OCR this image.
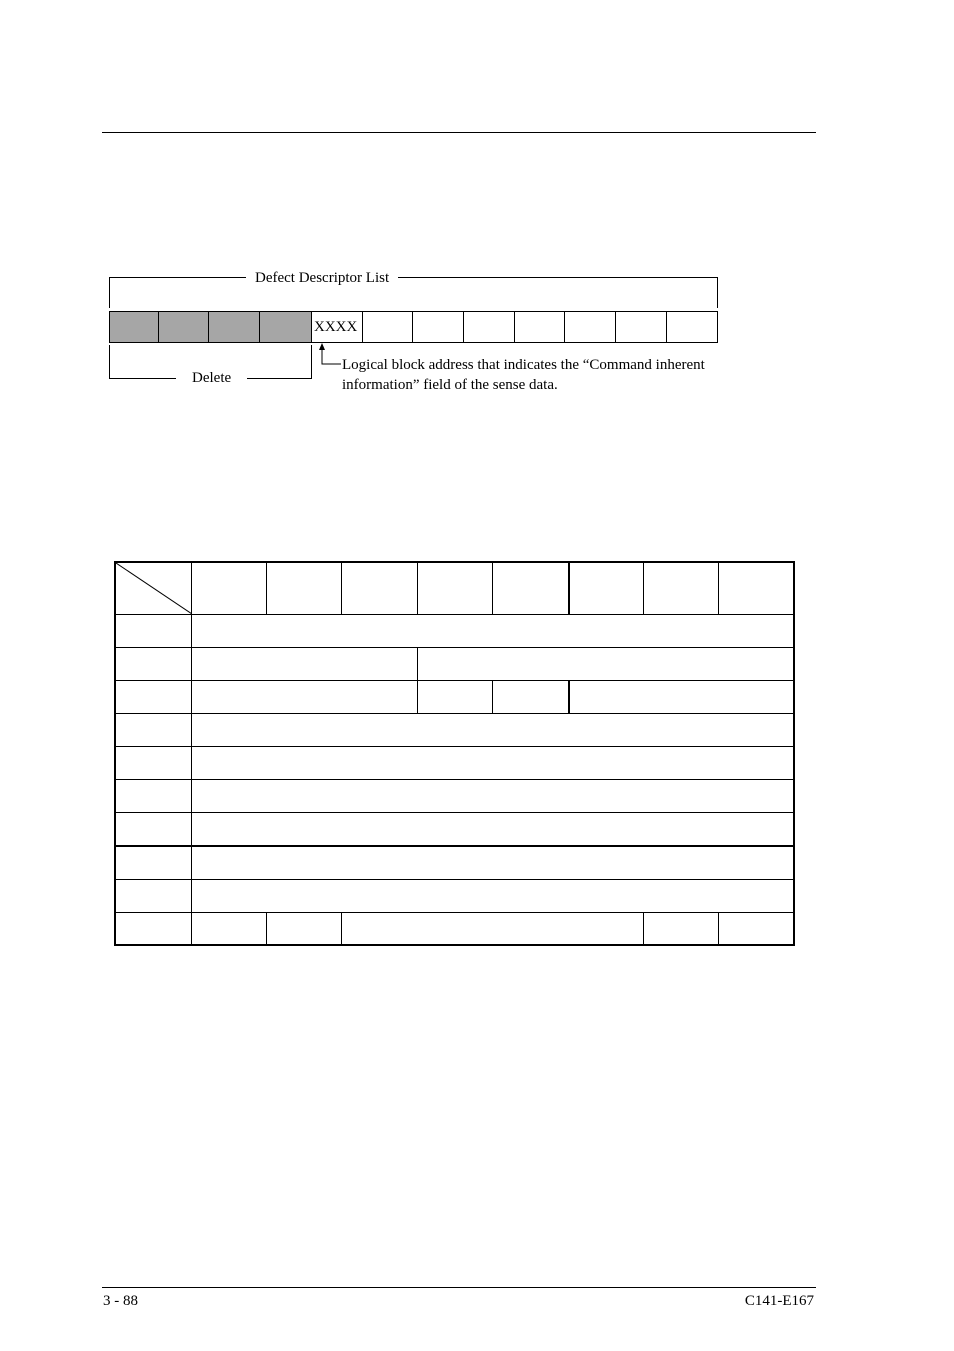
Defect Descriptor List
XXXX
Delete
Logical block address that indicates the “Command inherent
information” field of the sense data.

3 - 88	C141-E167
